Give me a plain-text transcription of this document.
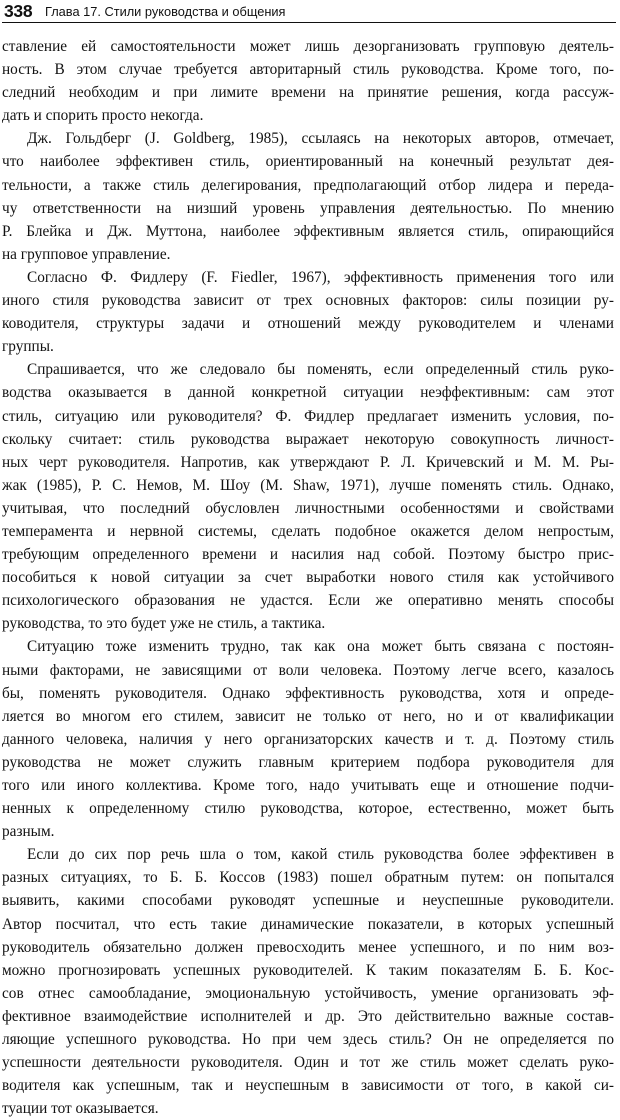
338 Глава 17. Стили руководства и общения
ставление ей самостоятельности может лишь дезорганизовать групповую деятель-
ность. В этом случае требуется авторитарный стиль руководства. Кроме того, по-
следний необходим и при лимите времени на принятие решения, когда рассуж-
дать и спорить просто некогда.
Дж. Гольдберг (J. Goldberg, 1985), ссылаясь на некоторых авторов, отмечает,
что наиболее эффективен стиль, ориентированный на конечный результат дея-
тельности, а также стиль делегирования, предполагающий отбор лидера и переда-
чу ответственности на низший уровень управления деятельностью. По мнению
Р. Блейка и Дж. Муттона, наиболее эффективным является стиль, опирающийся
на групповое управление.
Согласно Ф. Фидлеру (F. Fiedler, 1967), эффективность применения того или
иного стиля руководства зависит от трех основных факторов: силы позиции ру-
ководителя, структуры задачи и отношений между руководителем и членами
группы.
Спрашивается, что же следовало бы поменять, если определенный стиль руко-
водства оказывается в данной конкретной ситуации неэффективным: сам этот
стиль, ситуацию или руководителя? Ф. Фидлер предлагает изменить условия, по-
скольку считает: стиль руководства выражает некоторую совокупность личност-
ных черт руководителя. Напротив, как утверждают Р. Л. Кричевский и М. М. Ры-
жак (1985), Р. С. Немов, М. Шоу (M. Shaw, 1971), лучше поменять стиль. Однако,
учитывая, что последний обусловлен личностными особенностями и свойствами
темперамента и нервной системы, сделать подобное окажется делом непростым,
требующим определенного времени и насилия над собой. Поэтому быстро прис-
пособиться к новой ситуации за счет выработки нового стиля как устойчивого
психологического образования не удастся. Если же оперативно менять способы
руководства, то это будет уже не стиль, а тактика.
Ситуацию тоже изменить трудно, так как она может быть связана с постоян-
ными факторами, не зависящими от воли человека. Поэтому легче всего, казалось
бы, поменять руководителя. Однако эффективность руководства, хотя и опреде-
ляется во многом его стилем, зависит не только от него, но и от квалификации
данного человека, наличия у него организаторских качеств и т. д. Поэтому стиль
руководства не может служить главным критерием подбора руководителя для
того или иного коллектива. Кроме того, надо учитывать еще и отношение подчи-
ненных к определенному стилю руководства, которое, естественно, может быть
разным.
Если до сих пор речь шла о том, какой стиль руководства более эффективен в
разных ситуациях, то Б. Б. Коссов (1983) пошел обратным путем: он попытался
выявить, какими способами руководят успешные и неуспешные руководители.
Автор посчитал, что есть такие динамические показатели, в которых успешный
руководитель обязательно должен превосходить менее успешного, и по ним воз-
можно прогнозировать успешных руководителей. К таким показателям Б. Б. Кос-
сов отнес самообладание, эмоциональную устойчивость, умение организовать эф-
фективное взаимодействие исполнителей и др. Это действительно важные состав-
ляющие успешного руководства. Но при чем здесь стиль? Он не определяется по
успешности деятельности руководителя. Один и тот же стиль может сделать руко-
водителя как успешным, так и неуспешным в зависимости от того, в какой си-
туации тот оказывается.
